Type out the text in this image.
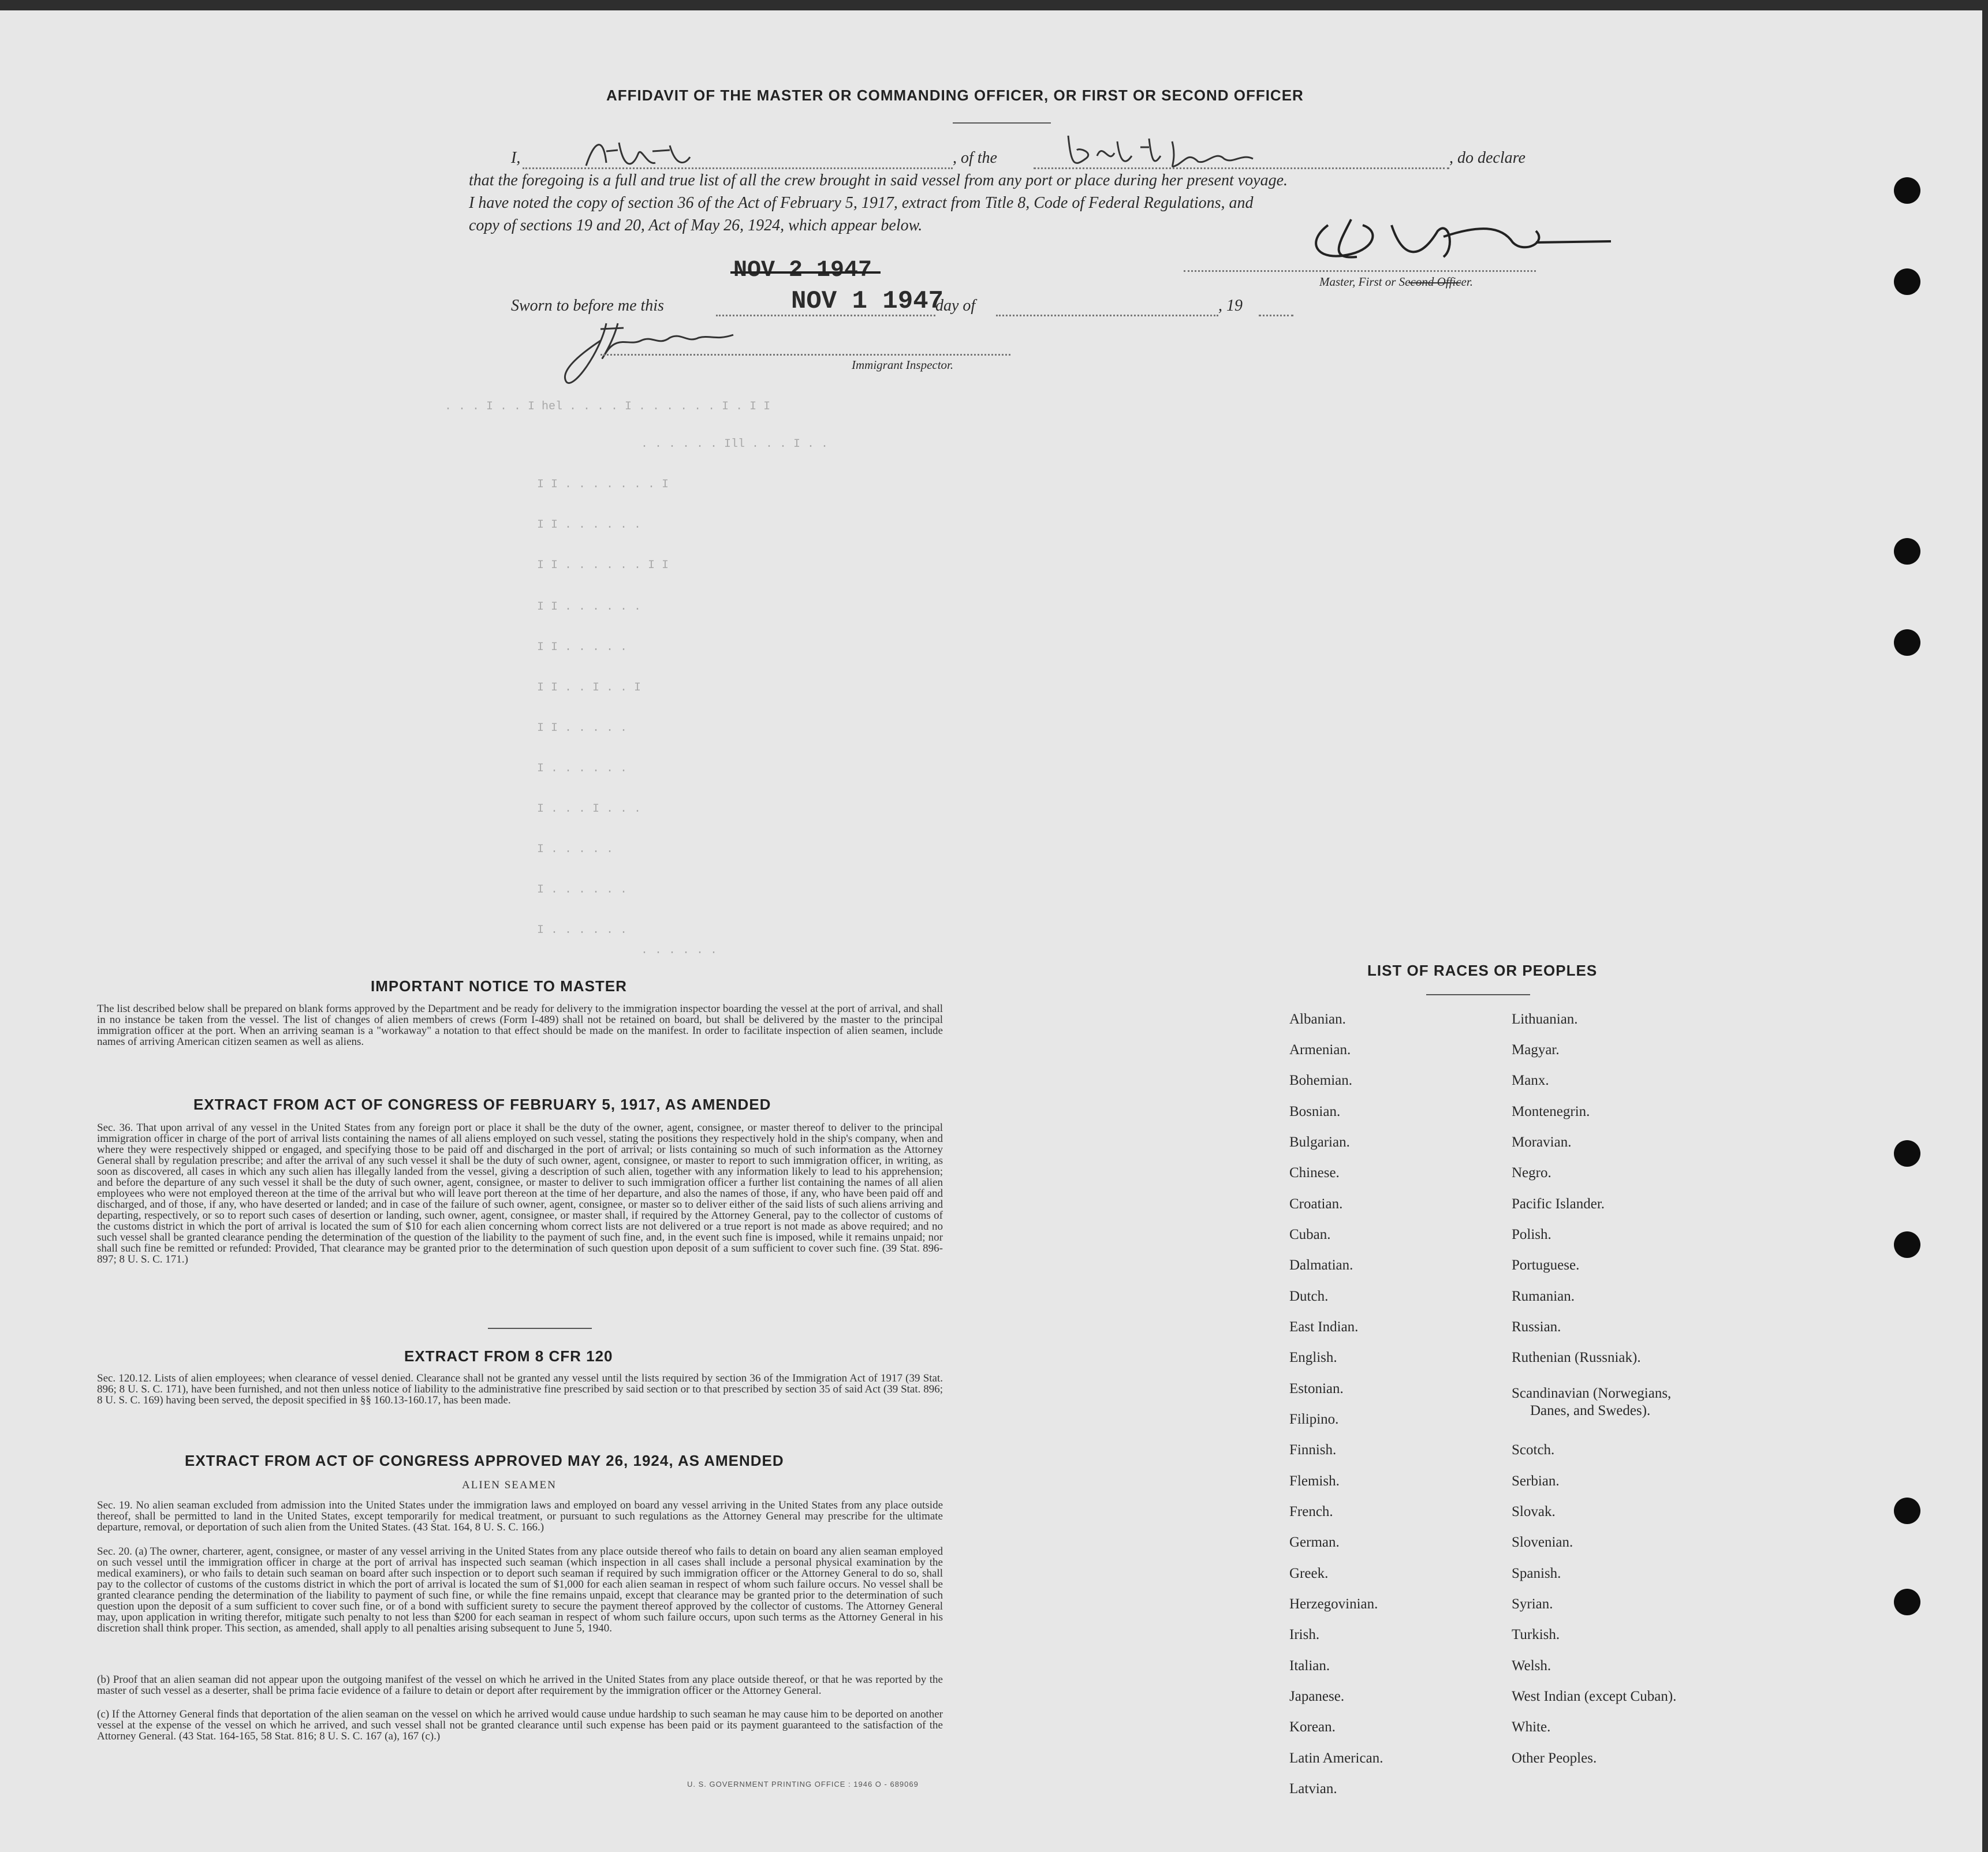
AFFIDAVIT OF THE MASTER OR COMMANDING OFFICER, OR FIRST OR SECOND OFFICER
I,	, of the	, do declare
that the foregoing is a full and true list of all the crew brought in said vessel from any port or place during her present voyage.
I have noted the copy of section 36 of the Act of February 5, 1917, extract from Title 8, Code of Federal Regulations, and
copy of sections 19 and 20, Act of May 26, 1924, which appear below.
Master, First or Second Officer.
Sworn to before me this
NOV 2 1947
NOV 1 1947
day of	, 19
Immigrant Inspector.
. . . I . . I hel . . . . I . . . . . . I . I I
. . . . . . Ill . . . I . .
I I . . . . . . . I
I I . . . . . .
I I . . . . . . I I
I I . . . . . .
I I . . . . .
I I . . I . . I
I I . . . . .
I . . . . . .
I . . . I . . .
I . . . . .
I . . . . . .
I . . . . . .
. . . . . .
IMPORTANT NOTICE TO MASTER
The list described below shall be prepared on blank forms approved by the Department and be ready for delivery to the immigration inspector boarding the vessel at the port of arrival, and shall in no instance be taken from the vessel. The list of changes of alien members of crews (Form I-489) shall not be retained on board, but shall be delivered by the master to the principal immigration officer at the port. When an arriving seaman is a "workaway" a notation to that effect should be made on the manifest. In order to facilitate inspection of alien seamen, include names of arriving American citizen seamen as well as aliens.
EXTRACT FROM ACT OF CONGRESS OF FEBRUARY 5, 1917, AS AMENDED
Sec. 36. That upon arrival of any vessel in the United States from any foreign port or place it shall be the duty of the owner, agent, consignee, or master thereof to deliver to the principal immigration officer in charge of the port of arrival lists containing the names of all aliens employed on such vessel, stating the positions they respectively hold in the ship's company, when and where they were respectively shipped or engaged, and specifying those to be paid off and discharged in the port of arrival; or lists containing so much of such information as the Attorney General shall by regulation prescribe; and after the arrival of any such vessel it shall be the duty of such owner, agent, consignee, or master to report to such immigration officer, in writing, as soon as discovered, all cases in which any such alien has illegally landed from the vessel, giving a description of such alien, together with any information likely to lead to his apprehension; and before the departure of any such vessel it shall be the duty of such owner, agent, consignee, or master to deliver to such immigration officer a further list containing the names of all alien employees who were not employed thereon at the time of the arrival but who will leave port thereon at the time of her departure, and also the names of those, if any, who have been paid off and discharged, and of those, if any, who have deserted or landed; and in case of the failure of such owner, agent, consignee, or master so to deliver either of the said lists of such aliens arriving and departing, respectively, or so to report such cases of desertion or landing, such owner, agent, consignee, or master shall, if required by the Attorney General, pay to the collector of customs of the customs district in which the port of arrival is located the sum of $10 for each alien concerning whom correct lists are not delivered or a true report is not made as above required; and no such vessel shall be granted clearance pending the determination of the question of the liability to the payment of such fine, and, in the event such fine is imposed, while it remains unpaid; nor shall such fine be remitted or refunded: Provided, That clearance may be granted prior to the determination of such question upon deposit of a sum sufficient to cover such fine. (39 Stat. 896-897; 8 U. S. C. 171.)
EXTRACT FROM 8 CFR 120
Sec. 120.12. Lists of alien employees; when clearance of vessel denied. Clearance shall not be granted any vessel until the lists required by section 36 of the Immigration Act of 1917 (39 Stat. 896; 8 U. S. C. 171), have been furnished, and not then unless notice of liability to the administrative fine prescribed by said section or to that prescribed by section 35 of said Act (39 Stat. 896; 8 U. S. C. 169) having been served, the deposit specified in §§ 160.13-160.17, has been made.
EXTRACT FROM ACT OF CONGRESS APPROVED MAY 26, 1924, AS AMENDED
ALIEN SEAMEN
Sec. 19. No alien seaman excluded from admission into the United States under the immigration laws and employed on board any vessel arriving in the United States from any place outside thereof, shall be permitted to land in the United States, except temporarily for medical treatment, or pursuant to such regulations as the Attorney General may prescribe for the ultimate departure, removal, or deportation of such alien from the United States. (43 Stat. 164, 8 U. S. C. 166.)
Sec. 20. (a) The owner, charterer, agent, consignee, or master of any vessel arriving in the United States from any place outside thereof who fails to detain on board any alien seaman employed on such vessel until the immigration officer in charge at the port of arrival has inspected such seaman (which inspection in all cases shall include a personal physical examination by the medical examiners), or who fails to detain such seaman on board after such inspection or to deport such seaman if required by such immigration officer or the Attorney General to do so, shall pay to the collector of customs of the customs district in which the port of arrival is located the sum of $1,000 for each alien seaman in respect of whom such failure occurs. No vessel shall be granted clearance pending the determination of the liability to payment of such fine, or while the fine remains unpaid, except that clearance may be granted prior to the determination of such question upon the deposit of a sum sufficient to cover such fine, or of a bond with sufficient surety to secure the payment thereof approved by the collector of customs. The Attorney General may, upon application in writing therefor, mitigate such penalty to not less than $200 for each seaman in respect of whom such failure occurs, upon such terms as the Attorney General in his discretion shall think proper. This section, as amended, shall apply to all penalties arising subsequent to June 5, 1940.
(b) Proof that an alien seaman did not appear upon the outgoing manifest of the vessel on which he arrived in the United States from any place outside thereof, or that he was reported by the master of such vessel as a deserter, shall be prima facie evidence of a failure to detain or deport after requirement by the immigration officer or the Attorney General.
(c) If the Attorney General finds that deportation of the alien seaman on the vessel on which he arrived would cause undue hardship to such seaman he may cause him to be deported on another vessel at the expense of the vessel on which he arrived, and such vessel shall not be granted clearance until such expense has been paid or its payment guaranteed to the satisfaction of the Attorney General. (43 Stat. 164-165, 58 Stat. 816; 8 U. S. C. 167 (a), 167 (c).)
U. S. GOVERNMENT PRINTING OFFICE : 1946 O - 689069
LIST OF RACES OR PEOPLES
Albanian.
Armenian.
Bohemian.
Bosnian.
Bulgarian.
Chinese.
Croatian.
Cuban.
Dalmatian.
Dutch.
East Indian.
English.
Estonian.
Filipino.
Finnish.
Flemish.
French.
German.
Greek.
Herzegovinian.
Irish.
Italian.
Japanese.
Korean.
Latin American.
Latvian.
Lithuanian.
Magyar.
Manx.
Montenegrin.
Moravian.
Negro.
Pacific Islander.
Polish.
Portuguese.
Rumanian.
Russian.
Ruthenian (Russniak).
Scandinavian (Norwegians,
Danes, and Swedes).
Scotch.
Serbian.
Slovak.
Slovenian.
Spanish.
Syrian.
Turkish.
Welsh.
West Indian (except Cuban).
White.
Other Peoples.
